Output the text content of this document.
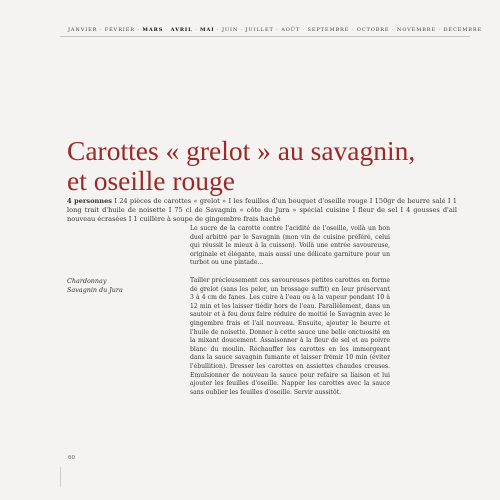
JANVIER · FÉVRIER · MARS · AVRIL · MAI · JUIN · JUILLET · AOÛT · SEPTEMBRE · OCTOBRE · NOVEMBRE · DÉCEMBRE
Carottes « grelot » au savagnin,
et oseille rouge
4 personnes I 24 pièces de carottes « grelot » I les feuilles d'un bouquet d'oseille rouge I 150gr de beurre salé I 1 long trait d'huile de noisette I 75 cl de Savagnin « côte du Jura » spécial cuisine I fleur de sel I 4 gousses d'ail nouveau écrasées I 1 cuillère à soupe de gingembre frais haché
Le sucre de la carotte contre l'acidité de l'oseille, voilà un bon duel arbitré par le Savagnin (mon vin de cuisine préféré, celui qui réussit le mieux à la cuisson). Voilà une entrée savoureuse, originale et élégante, mais aussi une délicate garniture pour un turbot ou une pintade...
Chardonnay
Savagnin du Jura
Tailler précieusement ces savoureuses petites carottes en forme de grelot (sans les peler, un brossage suffit) en leur préservant 3 à 4 cm de fanes. Les cuire à l'eau ou à la vapeur pendant 10 à 12 min et les laisser tiédir hors de l'eau. Parallèlement, dans un sautoir et à feu doux faire réduire de moitié le Savagnin avec le gingembre frais et l'ail nouveau. Ensuite, ajouter le beurre et l'huile de noisette. Donner à cette sauce une belle onctuosité en la mixant doucement. Assaisonner à la fleur de sel et au poivre blanc du moulin. Réchauffer les carottes en les immergeant dans la sauce savagnin fumante et laisser frémir 10 min (éviter l'ébullition). Dresser les carottes en assiettes chaudes creuses. Emulsionner de nouveau la sauce pour refaire sa liaison et lui ajouter les feuilles d'oseille. Napper les carottes avec la sauce sans oublier les feuilles d'oseille. Servir aussitôt.
60
